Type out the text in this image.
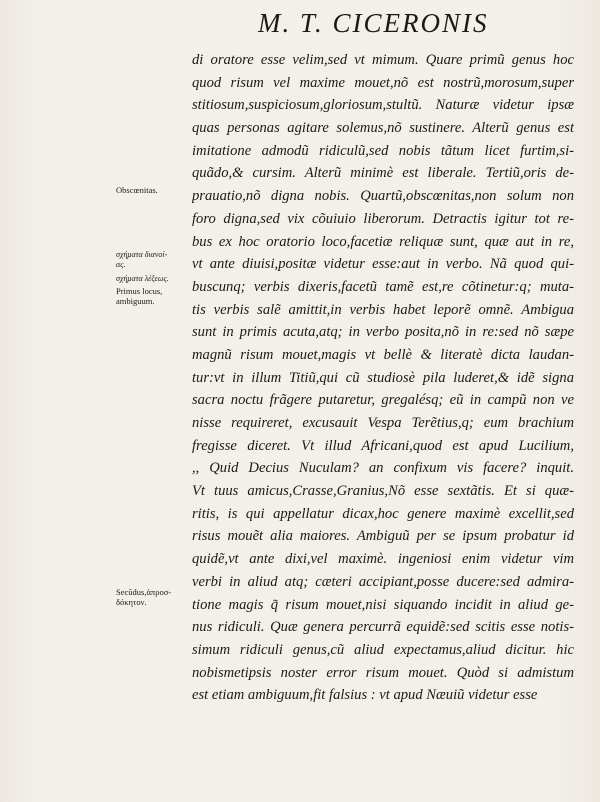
M. T. CICERONIS
di oratore esse velim,sed vt mimum. Quare primũ genus hoc
quod risum vel maxime mouet,nõ est nostrũ,morosum,super
stitiosum,suspiciosum,gloriosum,stultũ. Naturæ videtur ipsæ
quas personas agitare solemus,nõ sustinere. Alterũ genus est
imitatione admodũ ridiculũ,sed nobis tãtum licet furtim,si-
quãdo,& cursim. Alterũ minimè est liberale. Tertiũ,oris de-
prauatio,nõ digna nobis. Quartũ,obscœnitas,non solum non
foro digna,sed vix cõuiuio liberorum. Detractis igitur tot re-
bus ex hoc oratorio loco,facetiæ reliquæ sunt, quæ aut in re,
vt ante diuisi,positæ videtur esse:aut in verbo. Nã quod qui-
buscunq; verbis dixeris,facetũ tamẽ est,re cõtinetur:q; muta-
tis verbis salẽ amittit,in verbis habet leporẽ omnẽ. Ambigua
sunt in primis acuta,atq; in verbo posita,nõ in re:sed nõ sæpe
magnũ risum mouet,magis vt bellè & literatè dicta laudan-
tur:vt in illum Titiũ,qui cũ studiosè pila luderet,& idẽ signa
sacra noctu frãgere putaretur, gregalésq; eũ in campũ non ve
nisse requireret, excusauit Vespa Terẽtius,q; eum brachium
fregisse diceret. Vt illud Africani,quod est apud Lucilium,
,, Quid Decius Nuculam? an confixum vis facere? inquit.
Vt tuus amicus,Crasse,Granius,Nõ esse sextãtis. Et si quæ-
ritis, is qui appellatur dicax,hoc genere maximè excellit,sed
risus mouẽt alia maiores. Ambiguũ per se ipsum probatur id
quidẽ,vt ante dixi,vel maximè. ingeniosi enim videtur vim
verbi in aliud atq; cæteri accipiant,posse ducere:sed admira-
tione magis q̃ risum mouet,nisi siquando incidit in aliud ge-
nus ridiculi. Quæ genera percurrã equidẽ:sed scitis esse notis-
simum ridiculi genus,cũ aliud expectamus,aliud dicitur. hic
nobismetipsis noster error risum mouet. Quòd si admistum
est etiam ambiguum,fit falsius : vt apud Næuiũ videtur esse
Obscœnitas.
σχήματα διανοί-
ας.
σχήματα λέξεως.
Primus locus,
ambiguum.
Secũdus,ἀπροσ-
δόκητον.
